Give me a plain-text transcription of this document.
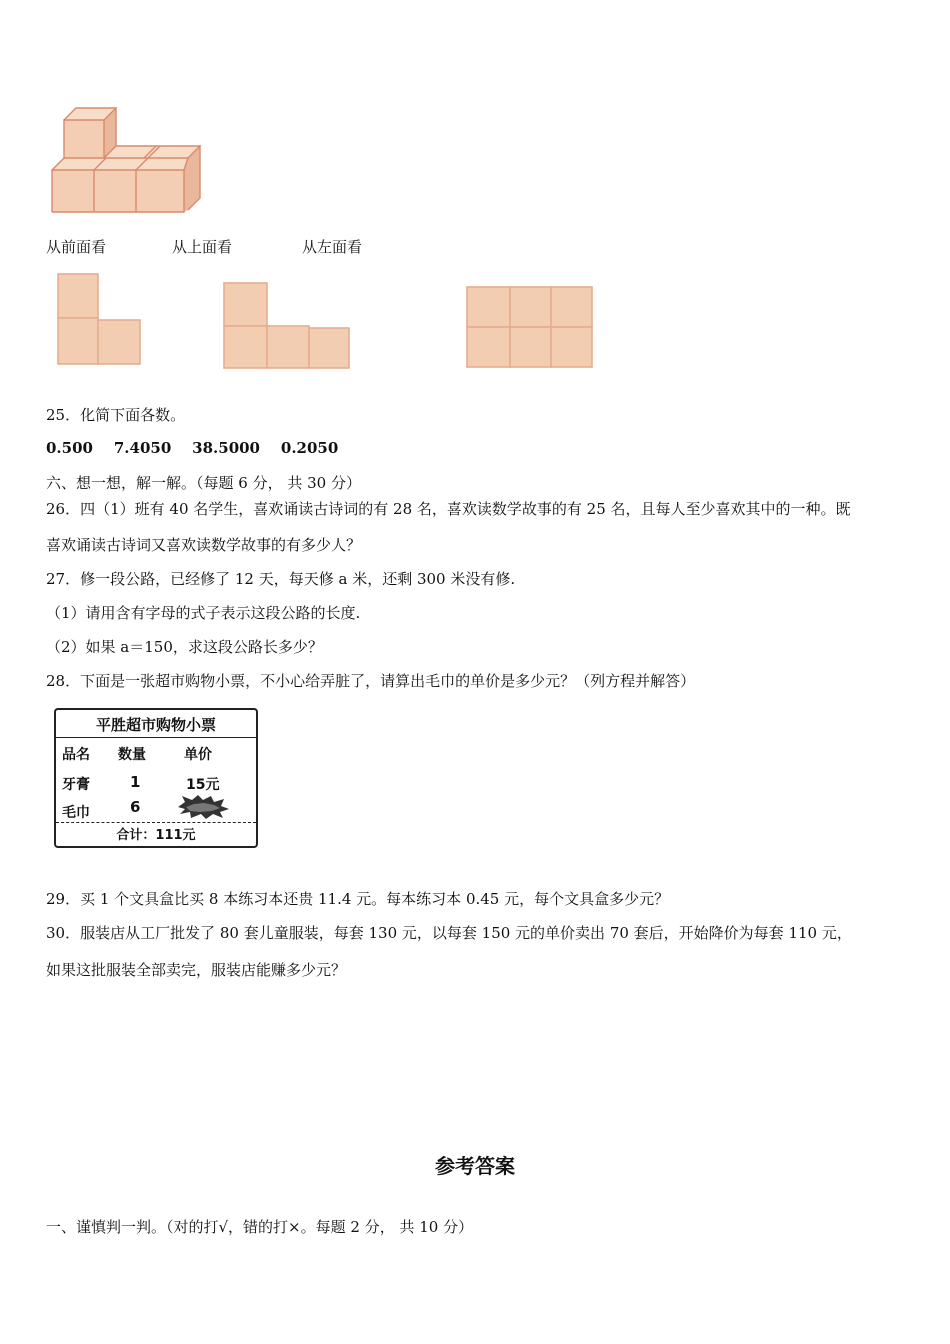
从前面看	从上面看	从左面看
25．化简下面各数。
0.500    7.4050    38.5000    0.2050
六、想一想，解一解。（每题 6 分， 共 30 分）
26．四（1）班有 40 名学生，喜欢诵读古诗词的有 28 名，喜欢读数学故事的有 25 名，且每人至少喜欢其中的一种。既
喜欢诵读古诗词又喜欢读数学故事的有多少人？
27．修一段公路，已经修了 12 天，每天修 a 米，还剩 300 米没有修.
（1）请用含有字母的式子表示这段公路的长度.
（2）如果 a＝150，求这段公路长多少？
28．下面是一张超市购物小票，不小心给弄脏了，请算出毛巾的单价是多少元？（列方程并解答）
平胜超市购物小票
品名 数量	单价
牙膏	1	15元
毛巾	6
合计：111元
29．买 1 个文具盒比买 8 本练习本还贵 11.4 元。每本练习本 0.45 元，每个文具盒多少元？
30．服装店从工厂批发了 80 套儿童服装，每套 130 元，以每套 150 元的单价卖出 70 套后，开始降价为每套 110 元，
如果这批服装全部卖完，服装店能赚多少元？
参考答案
一、谨慎判一判。（对的打√，错的打×。每题 2 分， 共 10 分）
